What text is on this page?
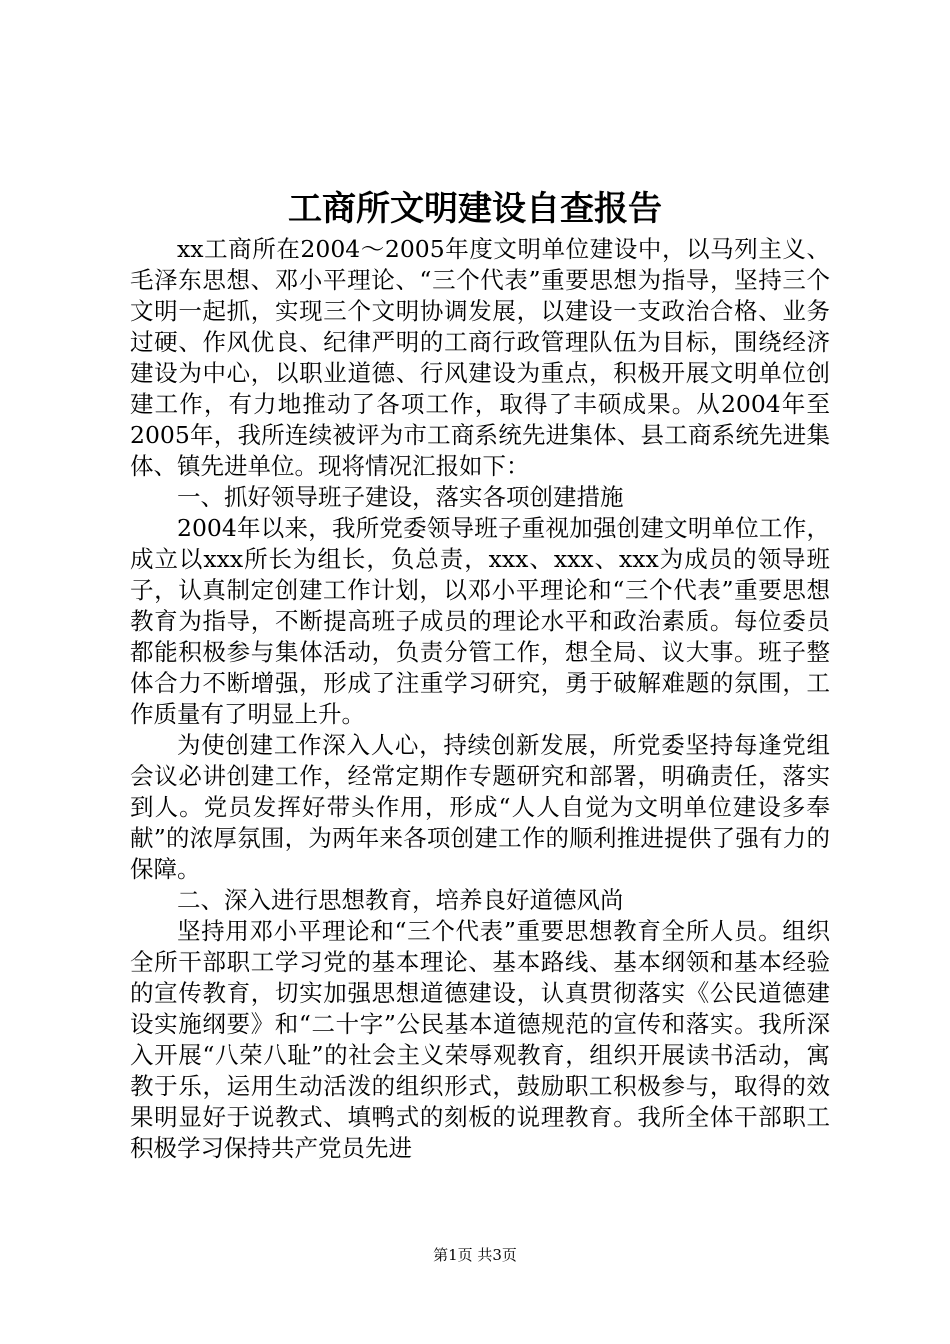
工商所文明建设自查报告

xx工商所在2004～2005年度文明单位建设中，以马列主义、毛泽东思想、邓小平理论、“三个代表”重要思想为指导，坚持三个文明一起抓，实现三个文明协调发展，以建设一支政治合格、业务过硬、作风优良、纪律严明的工商行政管理队伍为目标，围绕经济建设为中心，以职业道德、行风建设为重点，积极开展文明单位创建工作，有力地推动了各项工作，取得了丰硕成果。从2004年至2005年，我所连续被评为市工商系统先进集体、县工商系统先进集体、镇先进单位。现将情况汇报如下：

一、抓好领导班子建设，落实各项创建措施

2004年以来，我所党委领导班子重视加强创建文明单位工作，成立以xxx所长为组长，负总责，xxx、xxx、xxx为成员的领导班子，认真制定创建工作计划，以邓小平理论和“三个代表”重要思想教育为指导，不断提高班子成员的理论水平和政治素质。每位委员都能积极参与集体活动，负责分管工作，想全局、议大事。班子整体合力不断增强，形成了注重学习研究，勇于破解难题的氛围，工作质量有了明显上升。

为使创建工作深入人心，持续创新发展，所党委坚持每逢党组会议必讲创建工作，经常定期作专题研究和部署，明确责任，落实到人。党员发挥好带头作用，形成“人人自觉为文明单位建设多奉献”的浓厚氛围，为两年来各项创建工作的顺利推进提供了强有力的保障。

二、深入进行思想教育，培养良好道德风尚

坚持用邓小平理论和“三个代表”重要思想教育全所人员。组织全所干部职工学习党的基本理论、基本路线、基本纲领和基本经验的宣传教育，切实加强思想道德建设，认真贯彻落实《公民道德建设实施纲要》和“二十字”公民基本道德规范的宣传和落实。我所深入开展“八荣八耻”的社会主义荣辱观教育，组织开展读书活动，寓教于乐，运用生动活泼的组织形式，鼓励职工积极参与，取得的效果明显好于说教式、填鸭式的刻板的说理教育。我所全体干部职工积极学习保持共产党员先进

第1页 共3页
